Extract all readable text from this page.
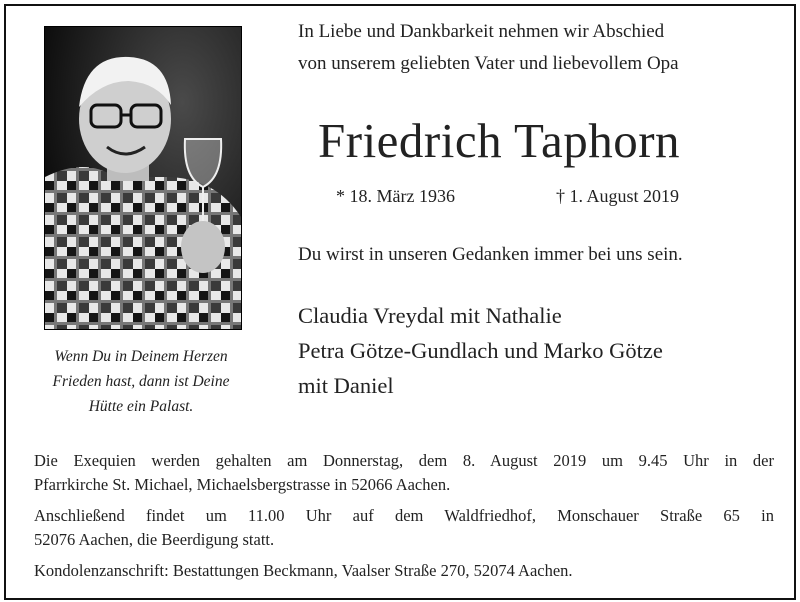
Wenn Du in Deinem Herzen
Frieden hast, dann ist Deine
Hütte ein Palast.
In Liebe und Dankbarkeit nehmen wir Abschied
von unserem geliebten Vater und liebevollem Opa
Friedrich Taphorn
* 18. März 1936	† 1. August 2019
Du wirst in unseren Gedanken immer bei uns sein.
Claudia Vreydal mit Nathalie
Petra Götze-Gundlach und Marko Götze
mit Daniel

Die Exequien werden gehalten am Donnerstag, dem 8. August 2019 um 9.45 Uhr in der
Pfarrkirche St. Michael, Michaelsbergstrasse in 52066 Aachen.

Anschließend findet um 11.00 Uhr auf dem Waldfriedhof, Monschauer Straße 65 in
52076 Aachen, die Beerdigung statt.

Kondolenzanschrift: Bestattungen Beckmann, Vaalser Straße 270, 52074 Aachen.
